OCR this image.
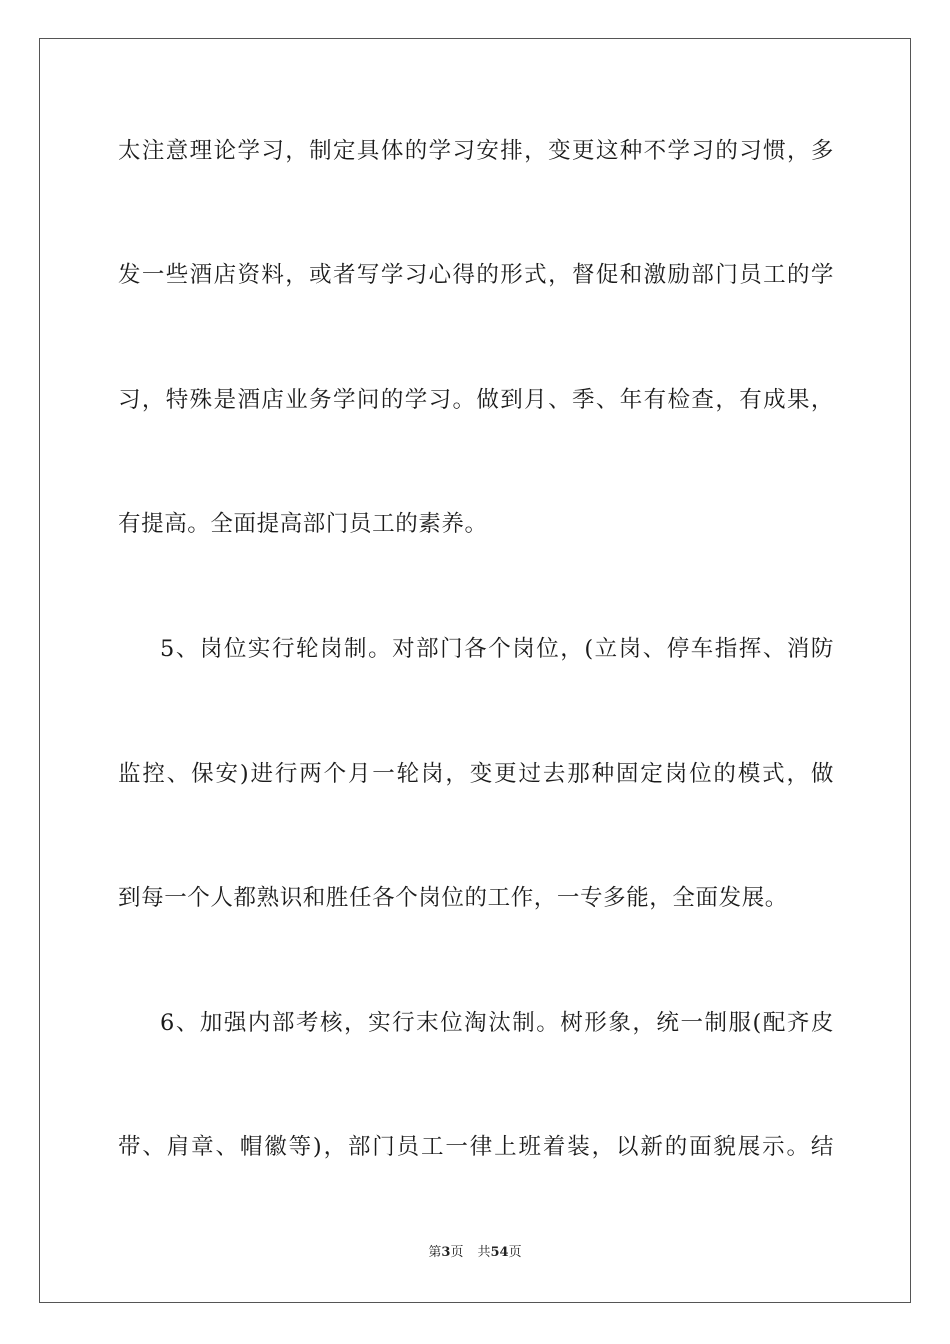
太注意理论学习，制定具体的学习安排，变更这种不学习的习惯，多
发一些酒店资料，或者写学习心得的形式，督促和激励部门员工的学
习，特殊是酒店业务学问的学习。做到月、季、年有检查，有成果，
有提高。全面提高部门员工的素养。
5、岗位实行轮岗制。对部门各个岗位，(立岗、停车指挥、消防
监控、保安)进行两个月一轮岗，变更过去那种固定岗位的模式，做
到每一个人都熟识和胜任各个岗位的工作，一专多能，全面发展。
6、加强内部考核，实行末位淘汰制。树形象，统一制服(配齐皮
带、肩章、帽徽等)，部门员工一律上班着装，以新的面貌展示。结
第3页 共54页
